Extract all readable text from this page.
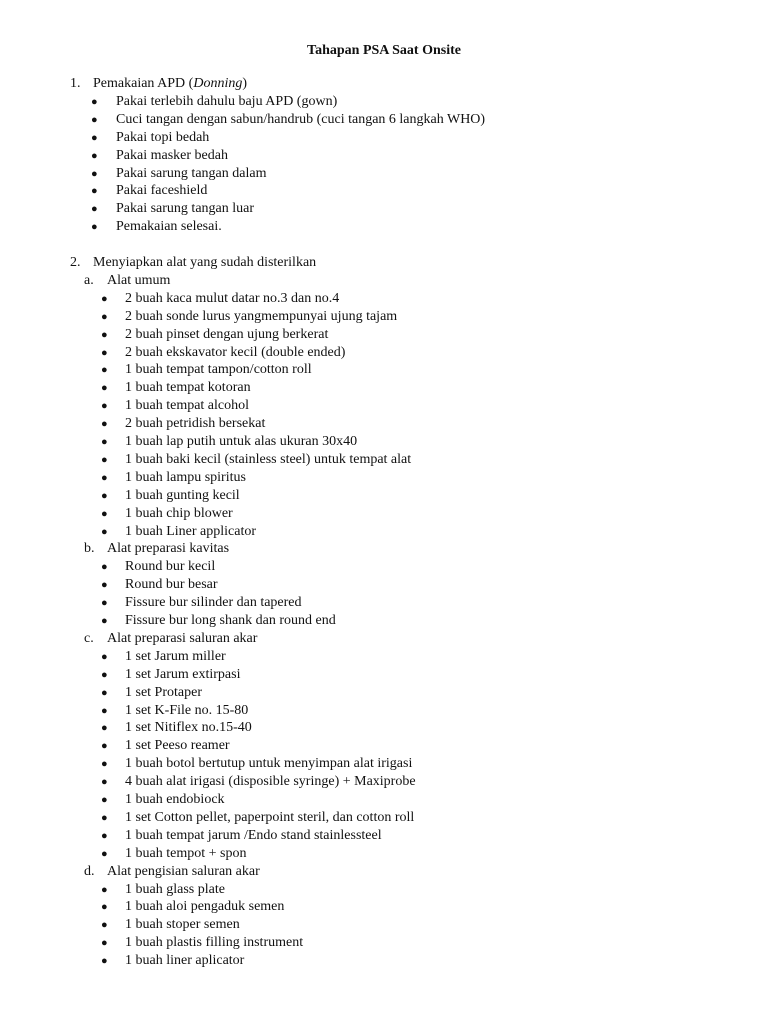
Tahapan PSA Saat Onsite
1. Pemakaian APD (Donning)
● Pakai terlebih dahulu baju APD (gown)
● Cuci tangan dengan sabun/handrub (cuci tangan 6 langkah WHO)
● Pakai topi bedah
● Pakai masker bedah
● Pakai sarung tangan dalam
● Pakai faceshield
● Pakai sarung tangan luar
● Pemakaian selesai.
2. Menyiapkan alat yang sudah disterilkan
a. Alat umum
● 2 buah kaca mulut datar no.3 dan no.4
● 2 buah sonde lurus yangmempunyai ujung tajam
● 2 buah pinset dengan ujung berkerat
● 2 buah ekskavator kecil (double ended)
● 1 buah tempat tampon/cotton roll
● 1 buah tempat kotoran
● 1 buah tempat alcohol
● 2 buah petridish bersekat
● 1 buah lap putih untuk alas ukuran 30x40
● 1 buah baki kecil (stainless steel) untuk tempat alat
● 1 buah lampu spiritus
● 1 buah gunting kecil
● 1 buah chip blower
● 1 buah Liner applicator
b. Alat preparasi kavitas
● Round bur kecil
● Round bur besar
● Fissure bur silinder dan tapered
● Fissure bur long shank dan round end
c. Alat preparasi saluran akar
● 1 set Jarum miller
● 1 set Jarum extirpasi
● 1 set Protaper
● 1 set K-File no. 15-80
● 1 set Nitiflex no.15-40
● 1 set Peeso reamer
● 1 buah botol bertutup untuk menyimpan alat irigasi
● 4 buah alat irigasi (disposible syringe) + Maxiprobe
● 1 buah endobiock
● 1 set Cotton pellet, paperpoint steril, dan cotton roll
● 1 buah tempat jarum /Endo stand stainlessteel
● 1 buah tempot + spon
d. Alat pengisian saluran akar
● 1 buah glass plate
● 1 buah aloi pengaduk semen
● 1 buah stoper semen
● 1 buah plastis filling instrument
● 1 buah liner aplicator
